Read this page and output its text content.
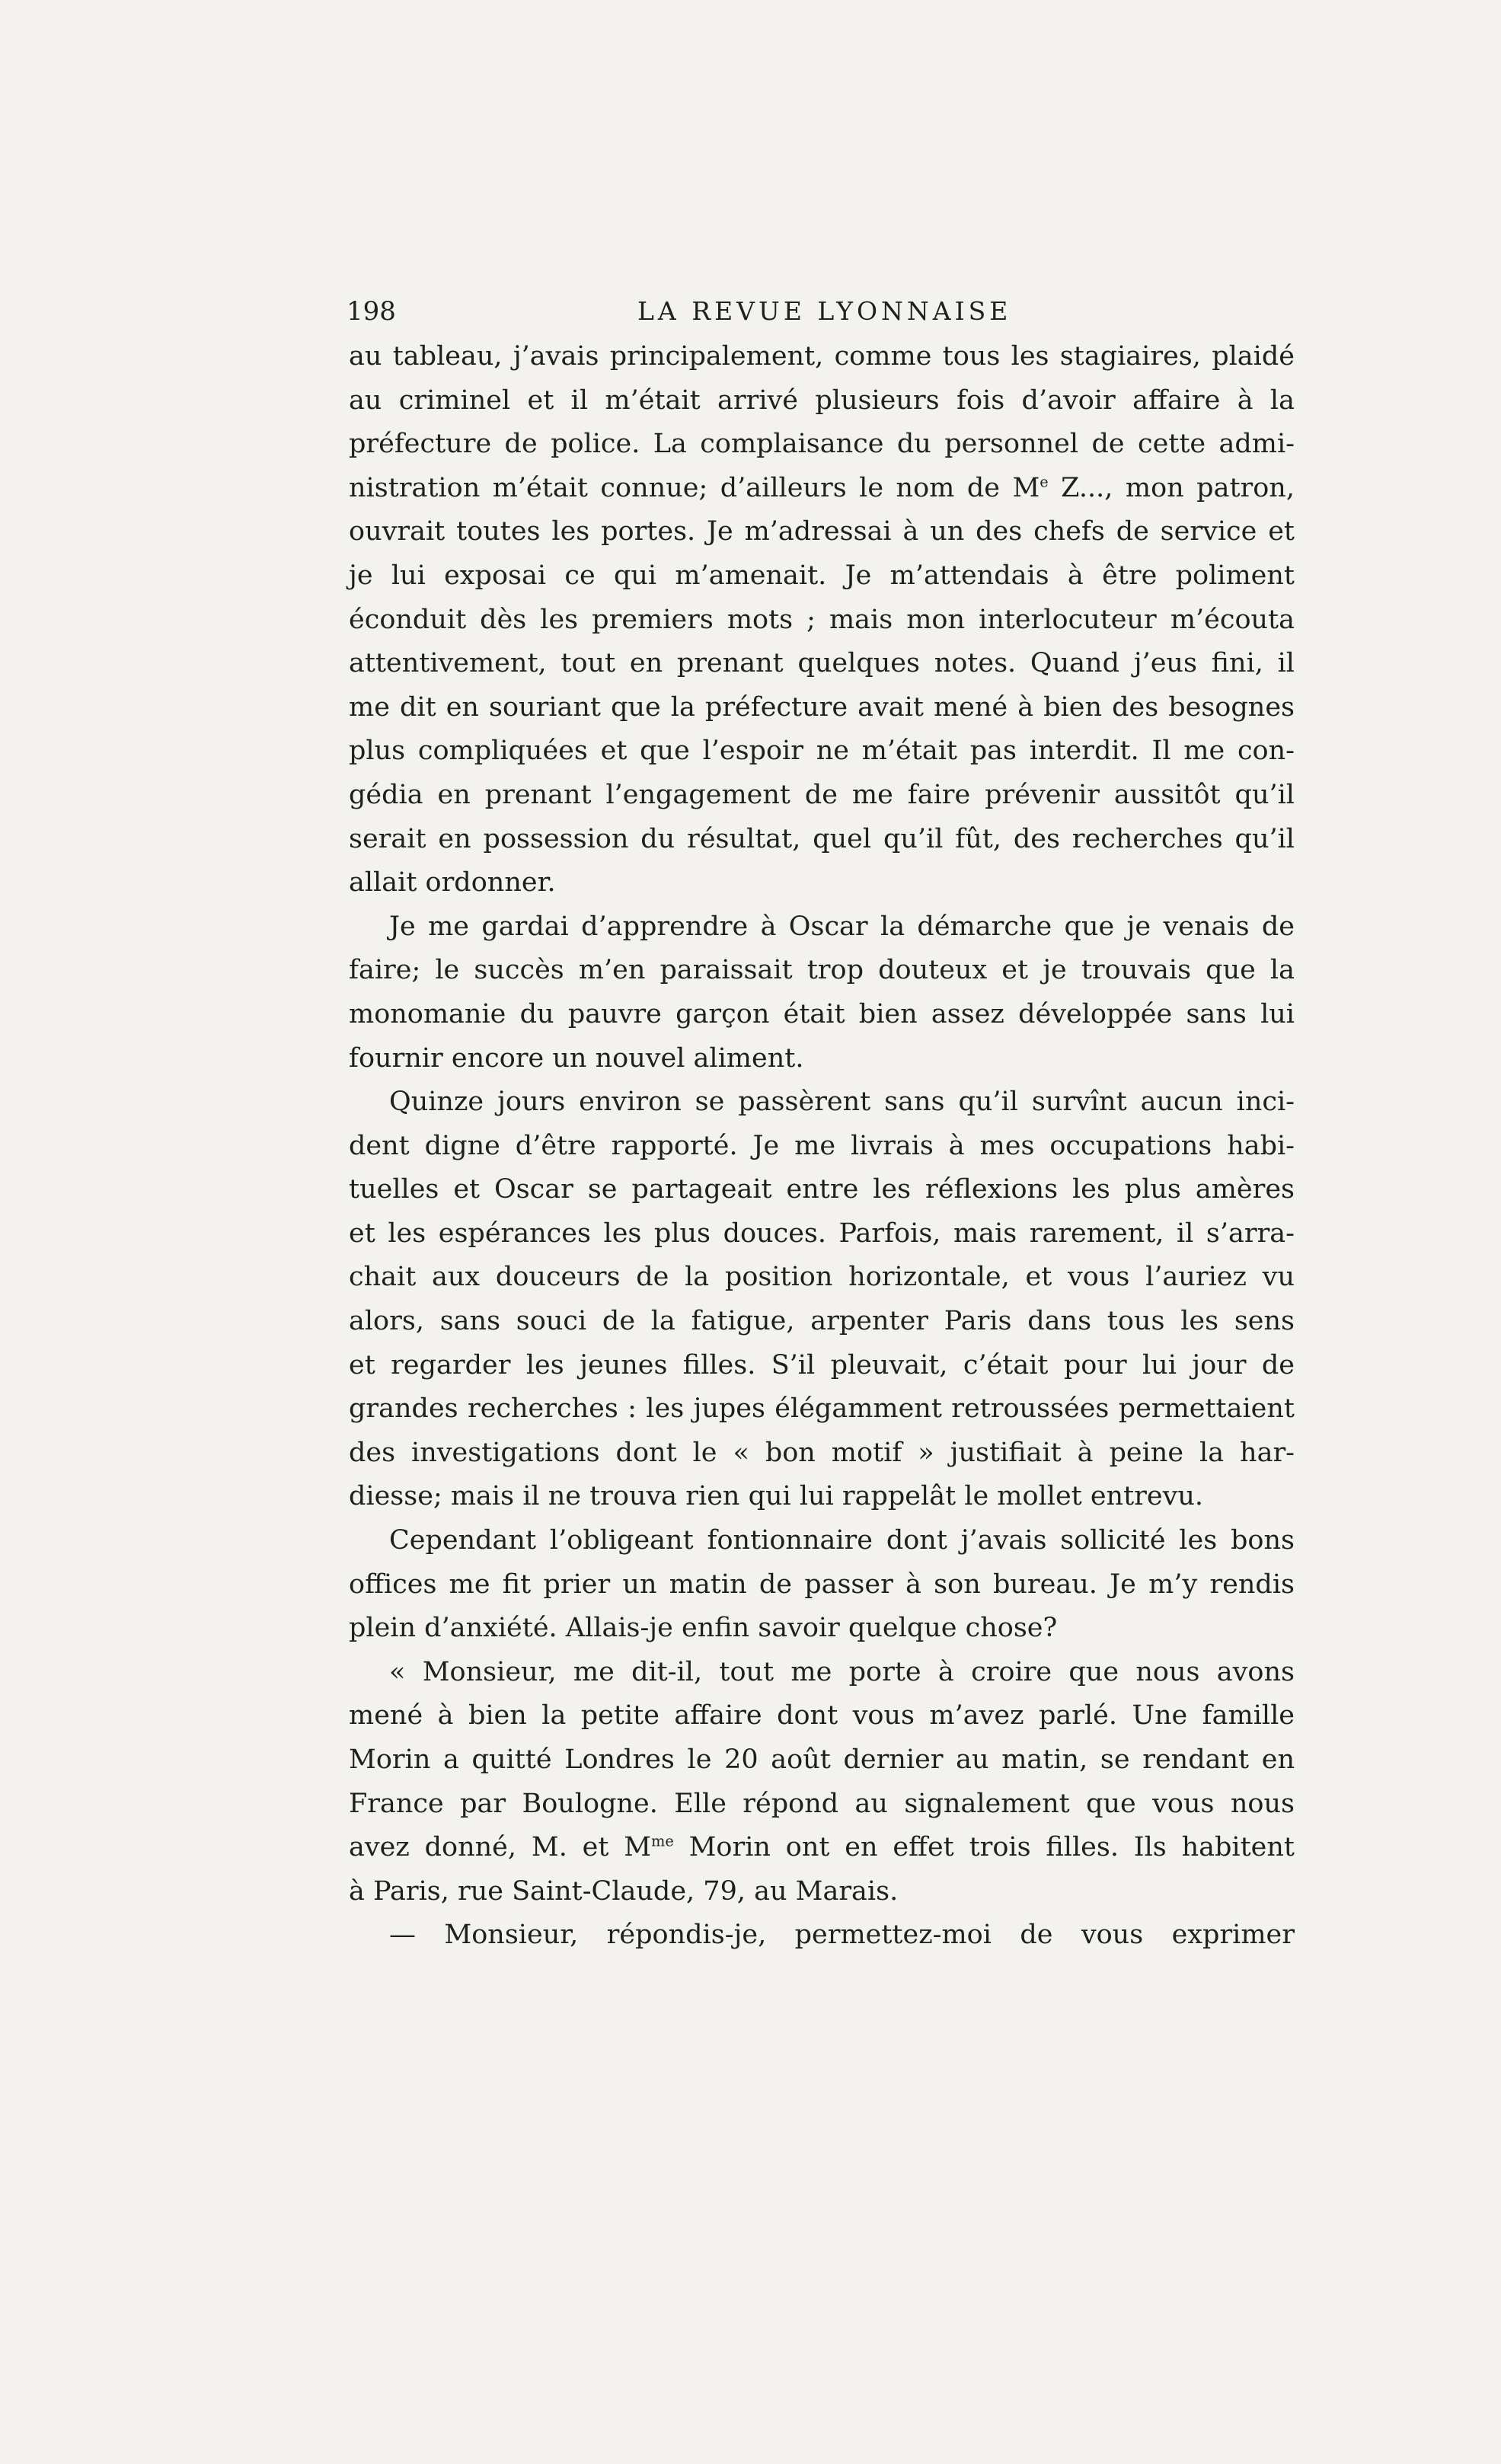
198	LA REVUE LYONNAISE
au tableau, j’avais principalement, comme tous les stagiaires, plaidé
au criminel et il m’était arrivé plusieurs fois d’avoir affaire à la
préfecture de police. La complaisance du personnel de cette admi-
nistration m’était connue; d’ailleurs le nom de Me Z..., mon patron,
ouvrait toutes les portes. Je m’adressai à un des chefs de service et
je lui exposai ce qui m’amenait. Je m’attendais à être poliment
éconduit dès les premiers mots ; mais mon interlocuteur m’écouta
attentivement, tout en prenant quelques notes. Quand j’eus fini, il
me dit en souriant que la préfecture avait mené à bien des besognes
plus compliquées et que l’espoir ne m’était pas interdit. Il me con-
gédia en prenant l’engagement de me faire prévenir aussitôt qu’il
serait en possession du résultat, quel qu’il fût, des recherches qu’il
allait ordonner.
Je me gardai d’apprendre à Oscar la démarche que je venais de
faire; le succès m’en paraissait trop douteux et je trouvais que la
monomanie du pauvre garçon était bien assez développée sans lui
fournir encore un nouvel aliment.
Quinze jours environ se passèrent sans qu’il survînt aucun inci-
dent digne d’être rapporté. Je me livrais à mes occupations habi-
tuelles et Oscar se partageait entre les réflexions les plus amères
et les espérances les plus douces. Parfois, mais rarement, il s’arra-
chait aux douceurs de la position horizontale, et vous l’auriez vu
alors, sans souci de la fatigue, arpenter Paris dans tous les sens
et regarder les jeunes filles. S’il pleuvait, c’était pour lui jour de
grandes recherches : les jupes élégamment retroussées permettaient
des investigations dont le « bon motif » justifiait à peine la har-
diesse; mais il ne trouva rien qui lui rappelât le mollet entrevu.
Cependant l’obligeant fontionnaire dont j’avais sollicité les bons
offices me fit prier un matin de passer à son bureau. Je m’y rendis
plein d’anxiété. Allais-je enfin savoir quelque chose?
« Monsieur, me dit-il, tout me porte à croire que nous avons
mené à bien la petite affaire dont vous m’avez parlé. Une famille
Morin a quitté Londres le 20 août dernier au matin, se rendant en
France par Boulogne. Elle répond au signalement que vous nous
avez donné, M. et $M^{me}$ Morin ont en effet trois filles. Ils habitent
à Paris, rue Saint-Claude, 79, au Marais.
— Monsieur, répondis-je, permettez-moi de vous exprimer
